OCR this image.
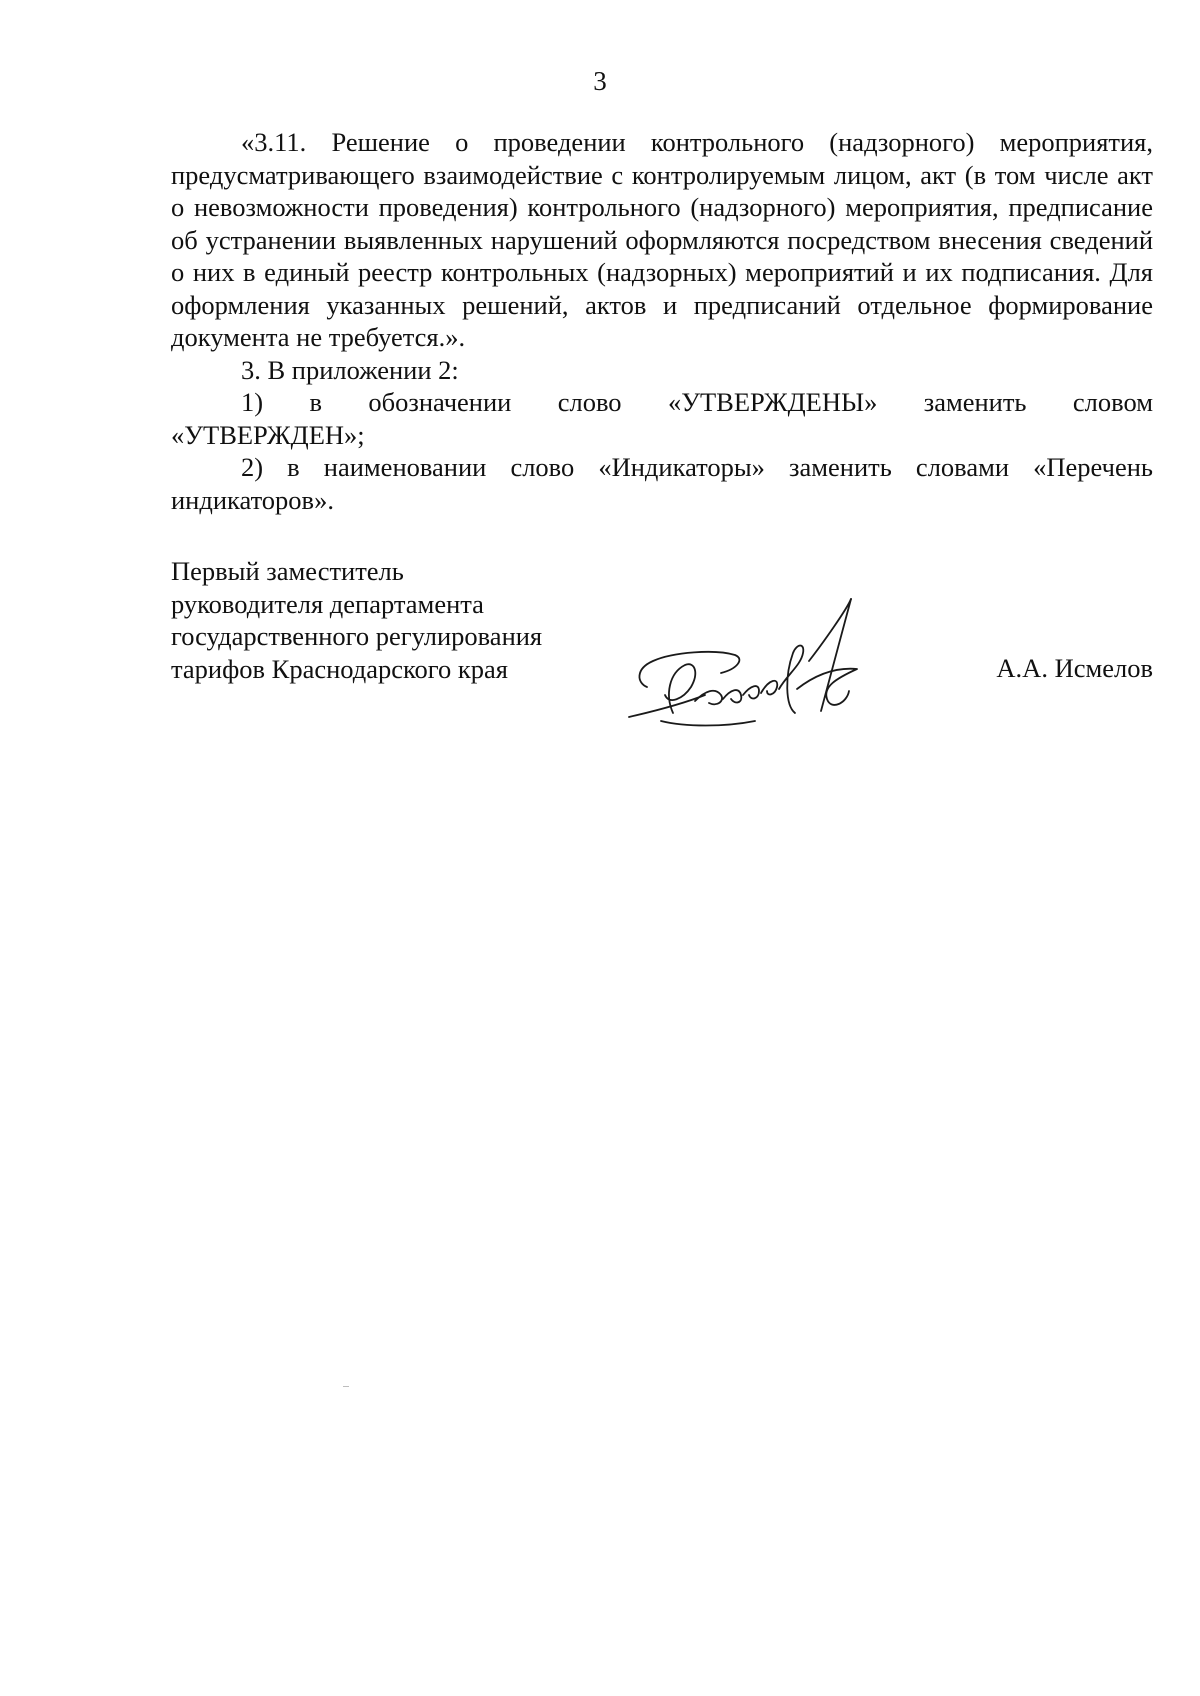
3

«3.11. Решение о проведении контрольного (надзорного) мероприятия, предусматривающего взаимодействие с контролируемым лицом, акт (в том числе акт о невозможности проведения) контрольного (надзорного) мероприятия, предписание об устранении выявленных нарушений оформляются посредством внесения сведений о них в единый реестр контрольных (надзорных) мероприятий и их подписания. Для оформления указанных решений, актов и предписаний отдельное формирование документа не требуется.».

3. В приложении 2:

1) в обозначении слово «УТВЕРЖДЕНЫ» заменить словом

«УТВЕРЖДЕН»;

2) в наименовании слово «Индикаторы» заменить словами «Перечень индикаторов».

Первый заместитель
руководителя департамента
государственного регулирования
тарифов Краснодарского края	А.А. Исмелов
